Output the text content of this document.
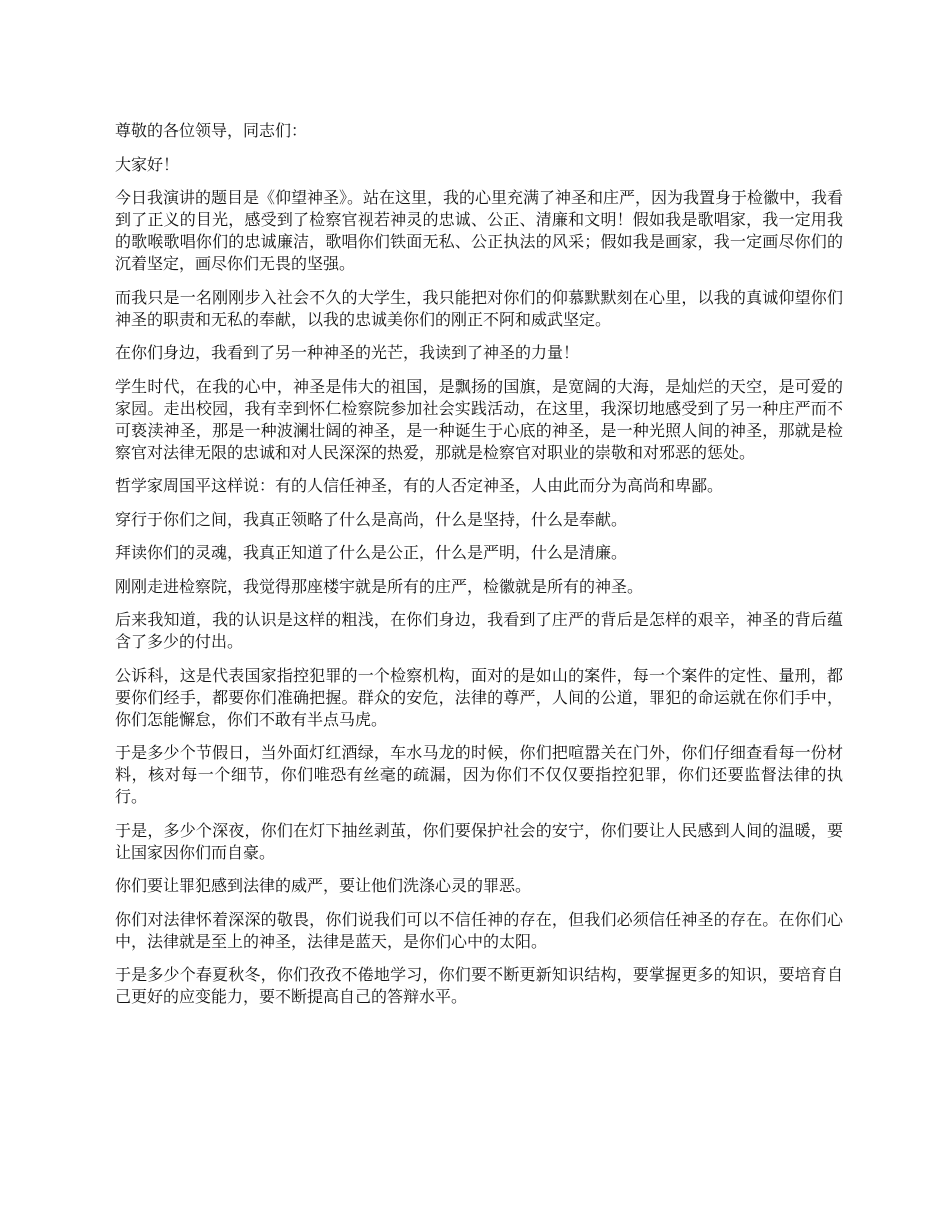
尊敬的各位领导，同志们：

大家好！

今日我演讲的题目是《仰望神圣》。站在这里，我的心里充满了神圣和庄严，因为我置身于检徽中，我看到了正义的目光，感受到了检察官视若神灵的忠诚、公正、清廉和文明！假如我是歌唱家，我一定用我的歌喉歌唱你们的忠诚廉洁，歌唱你们铁面无私、公正执法的风采；假如我是画家，我一定画尽你们的沉着坚定，画尽你们无畏的坚强。

而我只是一名刚刚步入社会不久的大学生，我只能把对你们的仰慕默默刻在心里，以我的真诚仰望你们神圣的职责和无私的奉献，以我的忠诚美你们的刚正不阿和威武坚定。

在你们身边，我看到了另一种神圣的光芒，我读到了神圣的力量！

学生时代，在我的心中，神圣是伟大的祖国，是飘扬的国旗，是宽阔的大海，是灿烂的天空，是可爱的家园。走出校园，我有幸到怀仁检察院参加社会实践活动，在这里，我深切地感受到了另一种庄严而不可亵渎神圣，那是一种波澜壮阔的神圣，是一种诞生于心底的神圣，是一种光照人间的神圣，那就是检察官对法律无限的忠诚和对人民深深的热爱，那就是检察官对职业的崇敬和对邪恶的惩处。

哲学家周国平这样说：有的人信任神圣，有的人否定神圣，人由此而分为高尚和卑鄙。

穿行于你们之间，我真正领略了什么是高尚，什么是坚持，什么是奉献。

拜读你们的灵魂，我真正知道了什么是公正，什么是严明，什么是清廉。

刚刚走进检察院，我觉得那座楼宇就是所有的庄严，检徽就是所有的神圣。

后来我知道，我的认识是这样的粗浅，在你们身边，我看到了庄严的背后是怎样的艰辛，神圣的背后蕴含了多少的付出。

公诉科，这是代表国家指控犯罪的一个检察机构，面对的是如山的案件，每一个案件的定性、量刑，都要你们经手，都要你们准确把握。群众的安危，法律的尊严，人间的公道，罪犯的命运就在你们手中，你们怎能懈怠，你们不敢有半点马虎。

于是多少个节假日，当外面灯红酒绿，车水马龙的时候，你们把喧嚣关在门外，你们仔细查看每一份材料，核对每一个细节，你们唯恐有丝毫的疏漏，因为你们不仅仅要指控犯罪，你们还要监督法律的执行。

于是，多少个深夜，你们在灯下抽丝剥茧，你们要保护社会的安宁，你们要让人民感到人间的温暖，要让国家因你们而自豪。

你们要让罪犯感到法律的威严，要让他们洗涤心灵的罪恶。

你们对法律怀着深深的敬畏，你们说我们可以不信任神的存在，但我们必须信任神圣的存在。在你们心中，法律就是至上的神圣，法律是蓝天，是你们心中的太阳。

于是多少个春夏秋冬，你们孜孜不倦地学习，你们要不断更新知识结构，要掌握更多的知识，要培育自己更好的应变能力，要不断提高自己的答辩水平。
